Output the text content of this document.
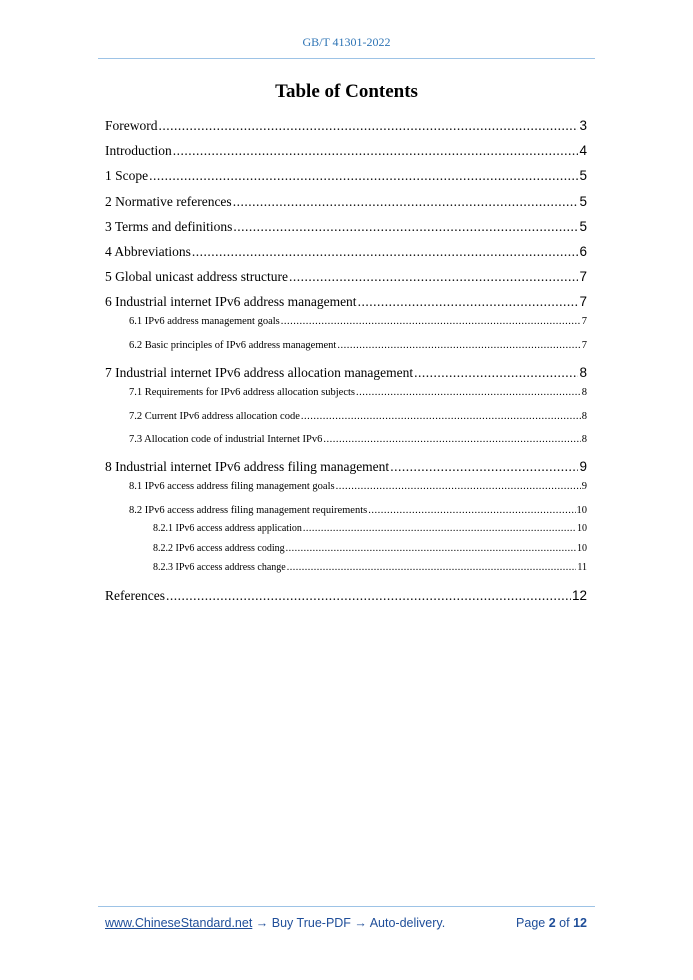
GB/T 41301-2022
Table of Contents
Foreword .....	3
Introduction .....	4
1 Scope .....	5
2 Normative references .....	5
3 Terms and definitions .....	5
4 Abbreviations .....	6
5 Global unicast address structure .....	7
6 Industrial internet IPv6 address management .....	7
6.1 IPv6 address management goals .....	7
6.2 Basic principles of IPv6 address management .....	7
7 Industrial internet IPv6 address allocation management .....	8
7.1 Requirements for IPv6 address allocation subjects .....	8
7.2 Current IPv6 address allocation code .....	8
7.3 Allocation code of industrial Internet IPv6 .....	8
8 Industrial internet IPv6 address filing management .....	9
8.1 IPv6 access address filing management goals .....	9
8.2 IPv6 access address filing management requirements .....	10
8.2.1 IPv6 access address application .....	10
8.2.2 IPv6 access address coding .....	10
8.2.3 IPv6 access address change .....	11
References .....	12
www.ChineseStandard.net → Buy True-PDF → Auto-delivery.	Page 2 of 12
